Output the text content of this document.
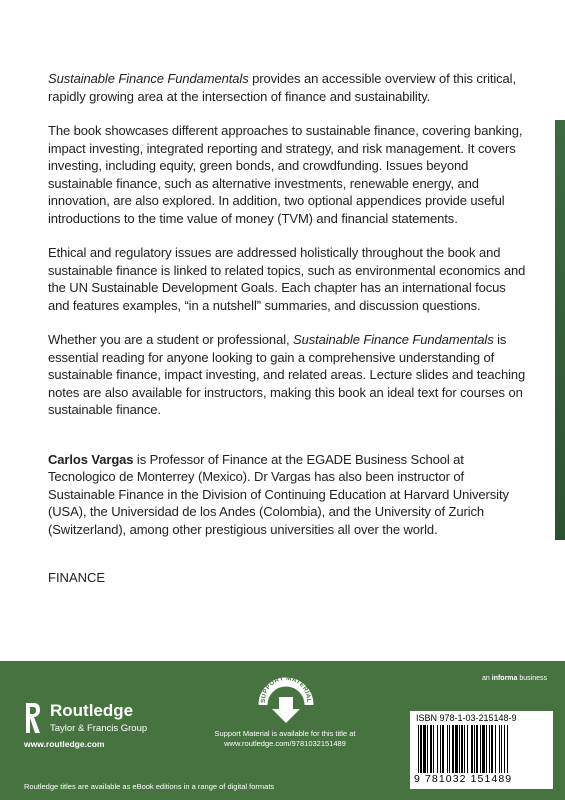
Sustainable Finance Fundamentals provides an accessible overview of this critical, rapidly growing area at the intersection of finance and sustainability.

The book showcases different approaches to sustainable finance, covering banking, impact investing, integrated reporting and strategy, and risk management. It covers investing, including equity, green bonds, and crowdfunding. Issues beyond sustainable finance, such as alternative investments, renewable energy, and innovation, are also explored. In addition, two optional appendices provide useful introductions to the time value of money (TVM) and financial statements.

Ethical and regulatory issues are addressed holistically throughout the book and sustainable finance is linked to related topics, such as environmental economics and the UN Sustainable Development Goals. Each chapter has an international focus and features examples, “in a nutshell” summaries, and discussion questions.

Whether you are a student or professional, Sustainable Finance Fundamentals is essential reading for anyone looking to gain a comprehensive understanding of sustainable finance, impact investing, and related areas. Lecture slides and teaching notes are also available for instructors, making this book an ideal text for courses on sustainable finance.

Carlos Vargas is Professor of Finance at the EGADE Business School at Tecnologico de Monterrey (Mexico). Dr Vargas has also been instructor of Sustainable Finance in the Division of Continuing Education at Harvard University (USA), the Universidad de los Andes (Colombia), and the University of Zurich (Switzerland), among other prestigious universities all over the world.

FINANCE
Routledge
Taylor & Francis Group
www.routledge.com
SUPPORT MATERIAL
Support Material is available for this title at
www.routledge.com/9781032151489
an informa business
ISBN 978-1-03-215148-9
9 781032 151489
Routledge titles are available as eBook editions in a range of digital formats
